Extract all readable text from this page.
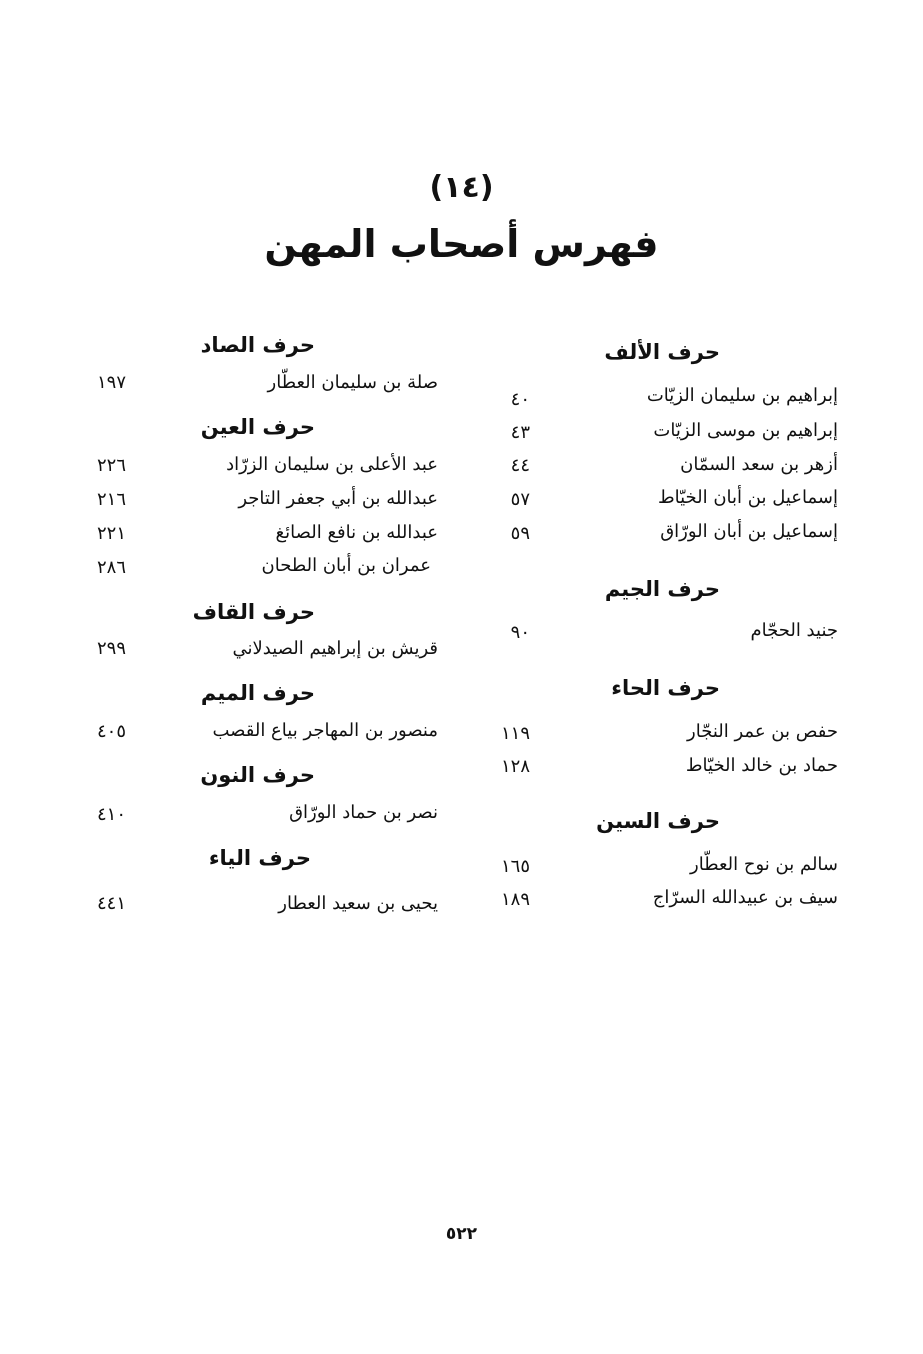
(١٤)
فهرس أصحاب المهن
حرف الألف
إبراهيم بن سليمان الزيّات
٤٠
إبراهيم بن موسى الزيّات
٤٣
أزهر بن سعد السمّان
٤٤
إسماعيل بن أبان الخيّاط
٥٧
إسماعيل بن أبان الورّاق
٥٩
حرف الجيم
جنيد الحجّام
٩٠
حرف الحاء
حفص بن عمر النجّار
١١٩
حماد بن خالد الخيّاط
١٢٨
حرف السين
سالم بن نوح العطّار
١٦٥
سيف بن عبيدالله السرّاج
١٨٩
حرف الصاد
صلة بن سليمان العطّار
١٩٧
حرف العين
عبد الأعلى بن سليمان الزرّاد
٢٢٦
عبدالله بن أبي جعفر التاجر
٢١٦
عبدالله بن نافع الصائغ
٢٢١
عمران بن أبان الطحان
٢٨٦
حرف القاف
قريش بن إبراهيم الصيدلاني
٢٩٩
حرف الميم
منصور بن المهاجر بياع القصب
٤٠٥
حرف النون
نصر بن حماد الورّاق
٤١٠
حرف الياء
يحيى بن سعيد العطار
٤٤١
٥٢٢
